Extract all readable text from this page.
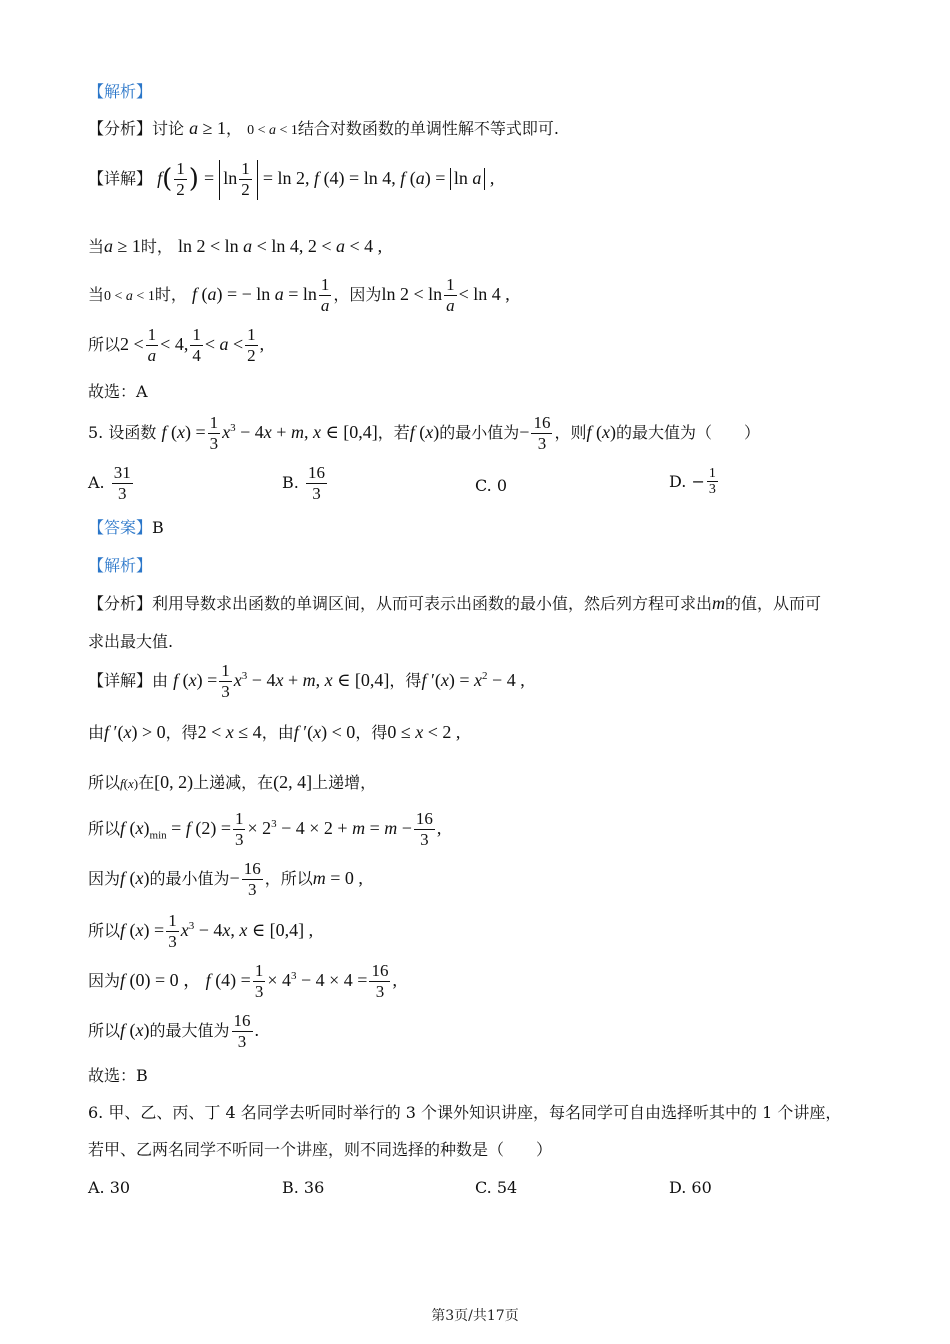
【解析】
【分析】讨论 a ≥ 1， 0 < a < 1结合对数函数的单调性解不等式即可.
【详解】 $f( \frac{1}{2}$ ) = $\ln \frac{1}{2} = \ln 2$, f (4) = ln 4, f (a) = ln a ,
当a ≥ 1时， ln 2 < ln a < ln 4, 2 < a < 4 ,
当0 < a < 1时， f (a) = − $\ln a = \ln \frac{1}{a}$ ，因为$\ln 2 < \ln \frac{1}{a} < \ln 4$ ,
所以$2 < \frac{1}{a} < 4$, $\frac{1}{4} < a < \frac{1}{2}$ ,
故选：A
5. 设函数 f $(x) = \frac{1}{3} x^3 - 4x + m$, x ∈ [0,4]，若f (x)的最小值为− $\frac{16}{3}$ ，则f (x)的最大值为（　　）
A. $\frac{31}{3}$	B. $\frac{16}{3}$	C. 0	D. − $\frac{1}{3}$
【答案】B
【解析】
【分析】利用导数求出函数的单调区间，从而可表示出函数的最小值，然后列方程可求出m的值，从而可
求出最大值.
【详解】由 f $(x) = \frac{1}{3} x^3 - 4x + m$, x ∈ [0,4]，得f $'(x) = x^2 - 4$ ,
由f ′(x) > 0，得2 < x ≤ 4，由f ′(x) < 0，得0 ≤ x < 2 ,
所以f(x)在[0, 2)上递减，在(2, 4]上递增，
所以f $(x)_{min} = f$ $(2) = \frac{1}{3} \times 2^3 - 4 \times 2 + m = m - \frac{16}{3}$ ,
因为f (x)的最小值为− $\frac{16}{3}$ ，所以m = 0 ,
所以f $(x) = \frac{1}{3} x^3 - 4x$, x ∈ [0,4] ,
因为f (0) = 0 ， f $(4) = \frac{1}{3} \times 4^3 - 4 \times 4 = \frac{16}{3}$ ,
所以f (x)的最大值为 $\frac{16}{3}$ .
故选：B
6. 甲、乙、丙、丁 4 名同学去听同时举行的 3 个课外知识讲座，每名同学可自由选择听其中的 1 个讲座，
若甲、乙两名同学不听同一个讲座，则不同选择的种数是（　　）
A. 30	B. 36	C. 54	D. 60
第3页/共17页
